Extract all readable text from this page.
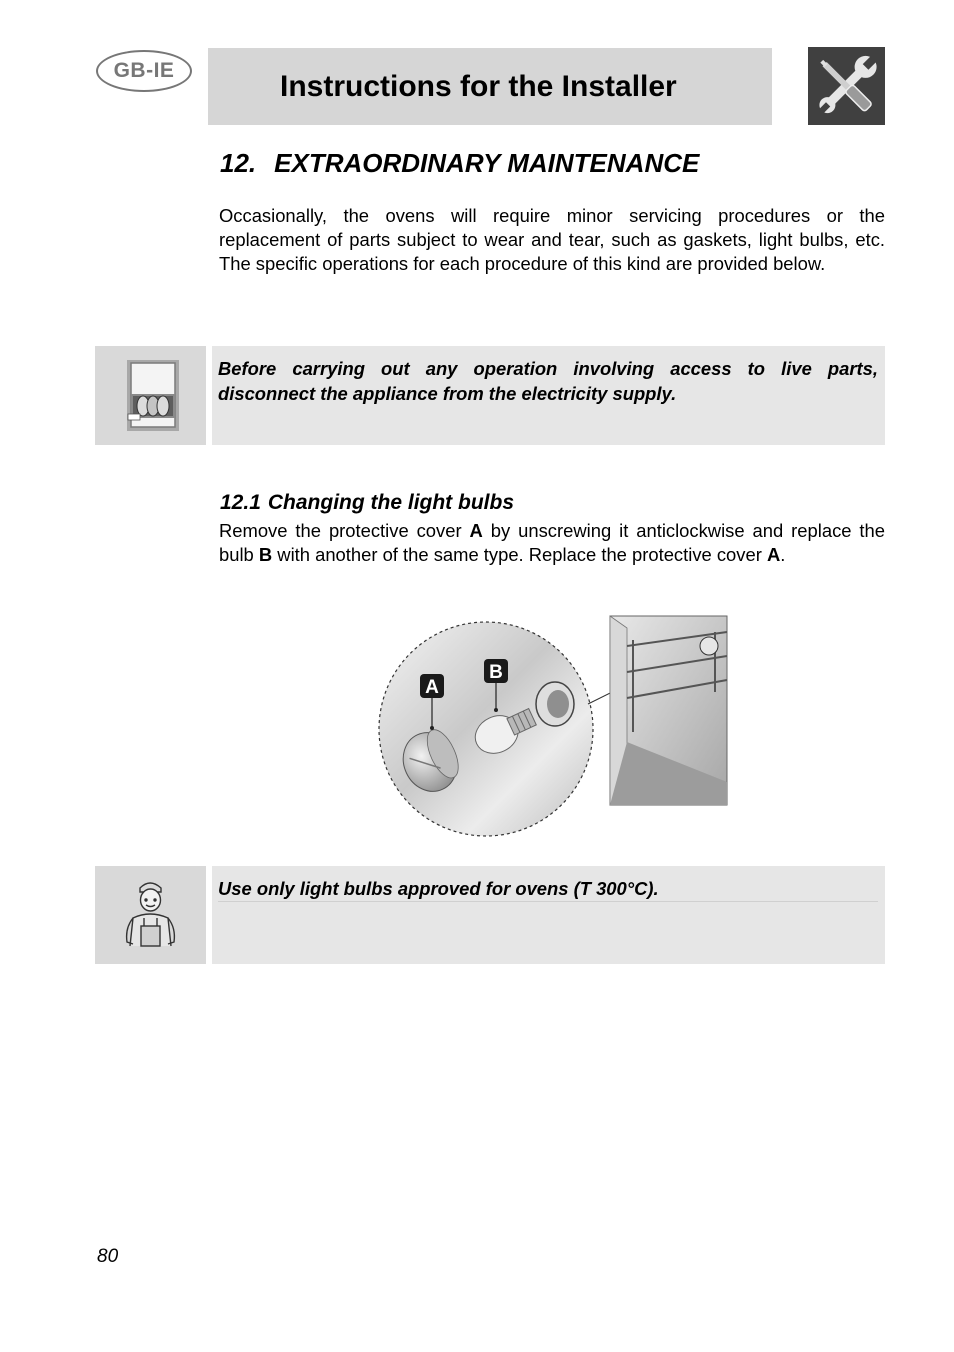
GB-IE	Instructions for the Installer
12. EXTRAORDINARY MAINTENANCE
Occasionally, the ovens will require minor servicing procedures or the replacement of parts subject to wear and tear, such as gaskets, light bulbs, etc. The specific operations for each procedure of this kind are provided below.
Before carrying out any operation involving access to live parts, disconnect the appliance from the electricity supply.
12.1 Changing the light bulbs
Remove the protective cover A by unscrewing it anticlockwise and replace the bulb B with another of the same type. Replace the protective cover A.
A
B
Use only light bulbs approved for ovens (T 300°C).
80
